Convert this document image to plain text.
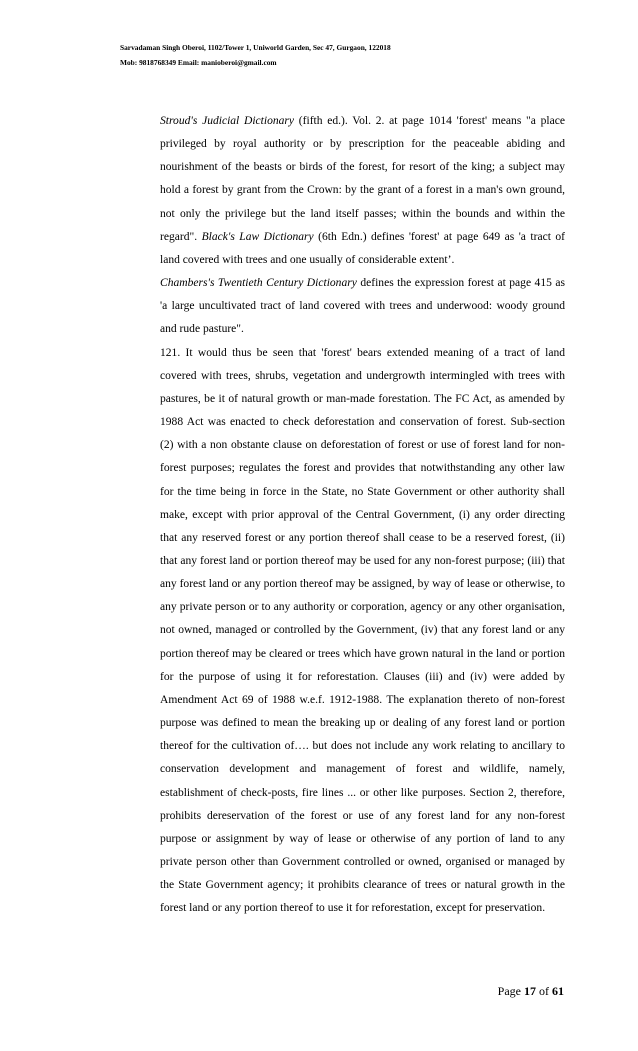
Sarvadaman Singh Oberoi, 1102/Tower 1, Uniworld Garden, Sec 47, Gurgaon, 122018
Mob: 9818768349 Email: manioberoi@gmail.com

Stroud's Judicial Dictionary (fifth ed.). Vol. 2. at page 1014 'forest' means "a place privileged by royal authority or by prescription for the peaceable abiding and nourishment of the beasts or birds of the forest, for resort of the king; a subject may hold a forest by grant from the Crown: by the grant of a forest in a man's own ground, not only the privilege but the land itself passes; within the bounds and within the regard". Black's Law Dictionary (6th Edn.) defines 'forest' at page 649 as 'a tract of land covered with trees and one usually of considerable extent’.

Chambers's Twentieth Century Dictionary defines the expression forest at page 415 as 'a large uncultivated tract of land covered with trees and underwood: woody ground and rude pasture".

121. It would thus be seen that 'forest' bears extended meaning of a tract of land covered with trees, shrubs, vegetation and undergrowth intermingled with trees with pastures, be it of natural growth or man-made forestation. The FC Act, as amended by 1988 Act was enacted to check deforestation and conservation of forest. Sub-section (2) with a non obstante clause on deforestation of forest or use of forest land for non-forest purposes; regulates the forest and provides that notwithstanding any other law for the time being in force in the State, no State Government or other authority shall make, except with prior approval of the Central Government, (i) any order directing that any reserved forest or any portion thereof shall cease to be a reserved forest, (ii) that any forest land or portion thereof may be used for any non-forest purpose; (iii) that any forest land or any portion thereof may be assigned, by way of lease or otherwise, to any private person or to any authority or corporation, agency or any other organisation, not owned, managed or controlled by the Government, (iv) that any forest land or any portion thereof may be cleared or trees which have grown natural in the land or portion for the purpose of using it for reforestation. Clauses (iii) and (iv) were added by Amendment Act 69 of 1988 w.e.f. 1912-1988. The explanation thereto of non-forest purpose was defined to mean the breaking up or dealing of any forest land or portion thereof for the cultivation of…. but does not include any work relating to ancillary to conservation development and management of forest and wildlife, namely, establishment of check-posts, fire lines ... or other like purposes. Section 2, therefore, prohibits dereservation of the forest or use of any forest land for any non-forest purpose or assignment by way of lease or otherwise of any portion of land to any private person other than Government controlled or owned, organised or managed by the State Government agency; it prohibits clearance of trees or natural growth in the forest land or any portion thereof to use it for reforestation, except for preservation.

Page 17 of 61
